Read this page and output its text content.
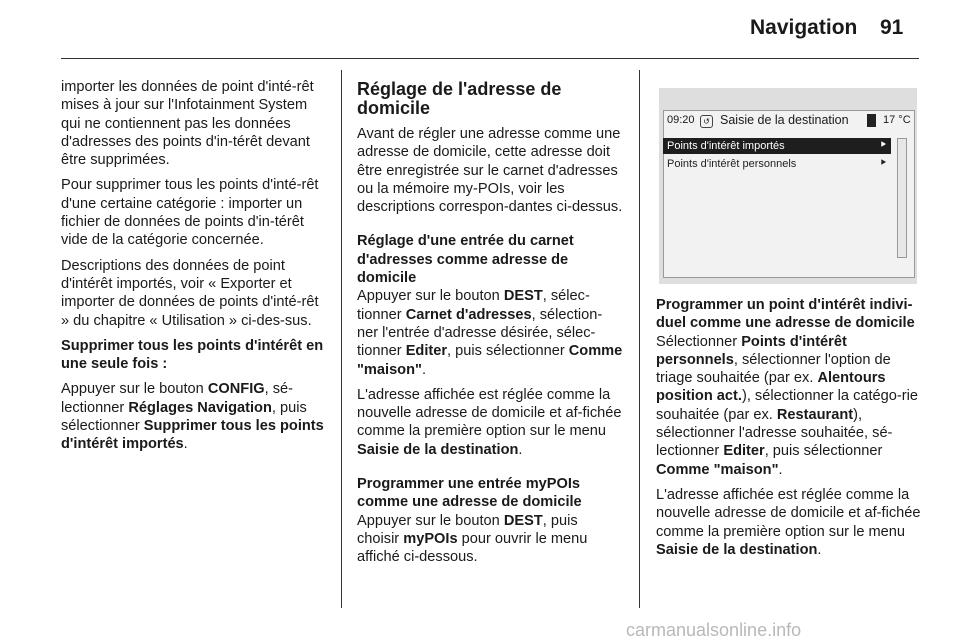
Navigation 91

importer les données de point d'inté-rêt mises à jour sur l'Infotainment System qui ne contiennent pas les données d'adresses des points d'in-térêt devant être supprimées.

Pour supprimer tous les points d'inté-rêt d'une certaine catégorie : importer un fichier de données de points d'in-térêt vide de la catégorie concernée.

Descriptions des données de point d'intérêt importés, voir « Exporter et importer de données de points d'inté-rêt » du chapitre « Utilisation » ci-des-sus.

Supprimer tous les points d'intérêt en une seule fois :

Appuyer sur le bouton CONFIG, sé-lectionner Réglages Navigation, puis sélectionner Supprimer tous les points d'intérêt importés.

Réglage de l'adresse de domicile

Avant de régler une adresse comme une adresse de domicile, cette adresse doit être enregistrée sur le carnet d'adresses ou la mémoire my-POIs, voir les descriptions correspon-dantes ci-dessus.

Réglage d'une entrée du carnet d'adresses comme adresse de domicile

Appuyer sur le bouton DEST, sélec-tionner Carnet d'adresses, sélection-ner l'entrée d'adresse désirée, sélec-tionner Editer, puis sélectionner Comme "maison".

L'adresse affichée est réglée comme la nouvelle adresse de domicile et af-fichée comme la première option sur le menu Saisie de la destination.

Programmer une entrée myPOIs comme une adresse de domicile

Appuyer sur le bouton DEST, puis choisir myPOIs pour ouvrir le menu affiché ci-dessous.

09:20	↺ Saisie de la destination	17 °C
Points d'intérêt importés	⯈
Points d'intérêt personnels	⯈

Programmer un point d'intérêt indivi-duel comme une adresse de domicile

Sélectionner Points d'intérêt personnels, sélectionner l'option de triage souhaitée (par ex. Alentours position act.), sélectionner la catégo-rie souhaitée (par ex. Restaurant), sélectionner l'adresse souhaitée, sé-lectionner Editer, puis sélectionner Comme "maison".

L'adresse affichée est réglée comme la nouvelle adresse de domicile et af-fichée comme la première option sur le menu Saisie de la destination.

carmanualsonline.info
